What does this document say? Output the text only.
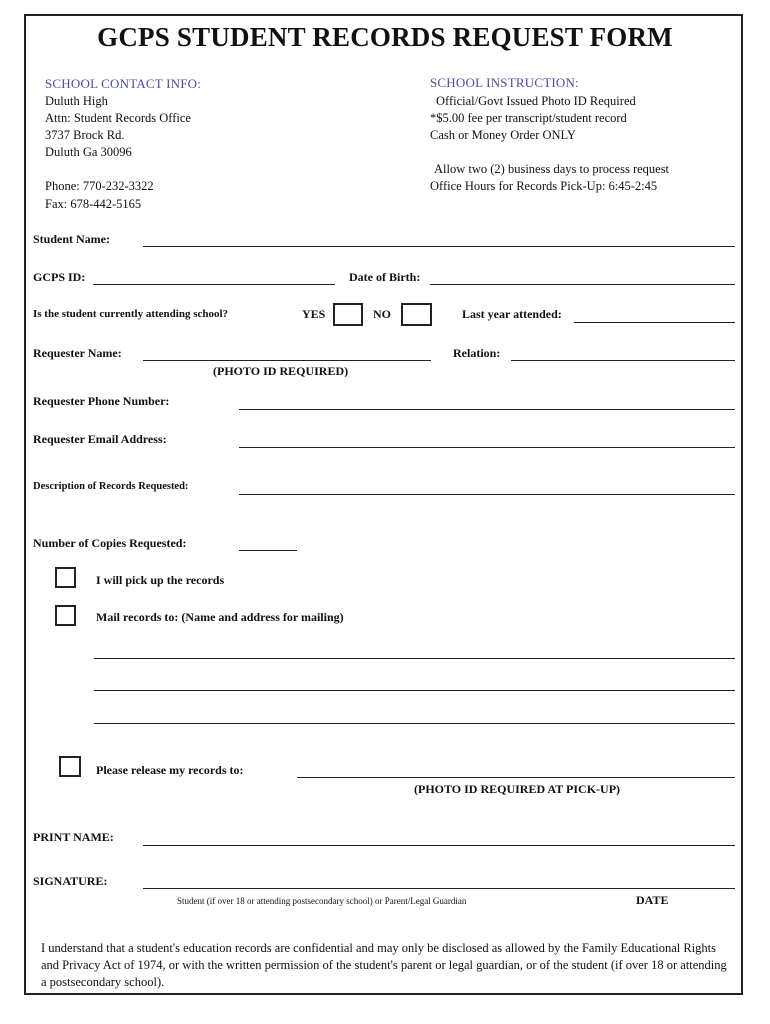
GCPS STUDENT RECORDS REQUEST FORM
SCHOOL CONTACT INFO:
Duluth High
Attn: Student Records Office
3737 Brock Rd.
Duluth Ga 30096
Phone: 770-232-3322
Fax: 678-442-5165
SCHOOL INSTRUCTION:
Official/Govt Issued Photo ID Required
*$5.00 fee per transcript/student record
Cash or Money Order ONLY
Allow two (2) business days to process request
Office Hours for Records Pick-Up: 6:45-2:45
Student Name:
GCPS ID:	Date of Birth:
Is the student currently attending school?	YES	NO	Last year attended:
Requester Name:	Relation:
(PHOTO ID REQUIRED)
Requester Phone Number:
Requester Email Address:
Description of Records Requested:
Number of Copies Requested:
I will pick up the records
Mail records to: (Name and address for mailing)
Please release my records to:
(PHOTO ID REQUIRED AT PICK-UP)
PRINT NAME:
SIGNATURE:
Student (if over 18 or attending postsecondary school) or Parent/Legal Guardian	DATE
I understand that a student's education records are confidential and may only be disclosed as allowed by the Family Educational Rights and Privacy Act of 1974, or with the written permission of the student's parent or legal guardian, or of the student (if over 18 or attending a postsecondary school).
